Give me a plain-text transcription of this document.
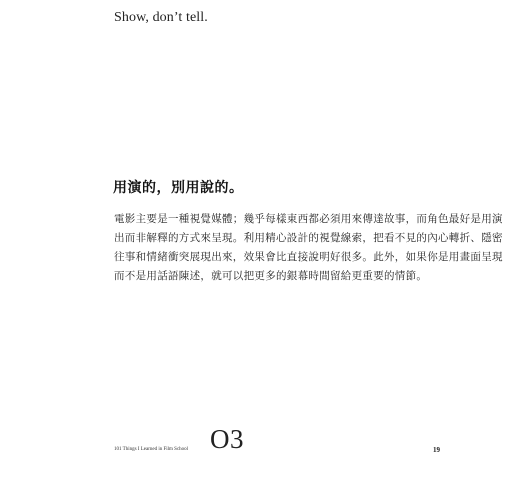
Show, don’t tell.
用演的，別用說的。
電影主要是一種視覺媒體；幾乎每樣東西都必須用來傳達故事，而角色最好是用演
出而非解釋的方式來呈現。利用精心設計的視覺線索，把看不見的內心轉折、隱密
往事和情緒衝突展現出來，效果會比直接說明好很多。此外，如果你是用畫面呈現
而不是用話語陳述，就可以把更多的銀幕時間留給更重要的情節。
101 Things I Learned in Film School O3	19
